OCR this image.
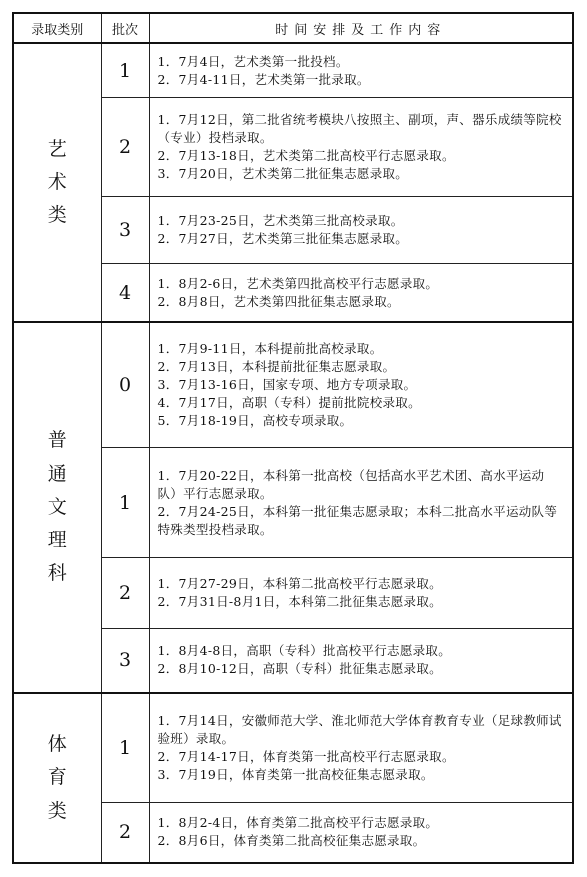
录取类别	批次	时间安排及工作内容
艺术类	1	1．7月4日，艺术类第一批投档。
2．7月4-11日，艺术类第一批录取。

	2	1．7月12日，第二批省统考模块八按照主、副项，声、器乐成绩等院校（专业）投档录取。
2．7月13-18日，艺术类第二批高校平行志愿录取。
3．7月20日，艺术类第二批征集志愿录取。

	3	1．7月23-25日，艺术类第三批高校录取。
2．7月27日，艺术类第三批征集志愿录取。

	4	1．8月2-6日，艺术类第四批高校平行志愿录取。
2．8月8日，艺术类第四批征集志愿录取。

普通文理科	0	1．7月9-11日，本科提前批高校录取。
2．7月13日，本科提前批征集志愿录取。
3．7月13-16日，国家专项、地方专项录取。
4．7月17日，高职（专科）提前批院校录取。
5．7月18-19日，高校专项录取。

	1	1．7月20-22日，本科第一批高校（包括高水平艺术团、高水平运动队）平行志愿录取。
2．7月24-25日，本科第一批征集志愿录取；本科二批高水平运动队等特殊类型投档录取。

	2	1．7月27-29日，本科第二批高校平行志愿录取。
2．7月31日-8月1日，本科第二批征集志愿录取。

	3	1．8月4-8日，高职（专科）批高校平行志愿录取。
2．8月10-12日，高职（专科）批征集志愿录取。

体育类	1	1．7月14日，安徽师范大学、淮北师范大学体育教育专业（足球教师试验班）录取。
2．7月14-17日，体育类第一批高校平行志愿录取。
3．7月19日，体育类第一批高校征集志愿录取。

	2	1．8月2-4日，体育类第二批高校平行志愿录取。
2．8月6日，体育类第二批高校征集志愿录取。
